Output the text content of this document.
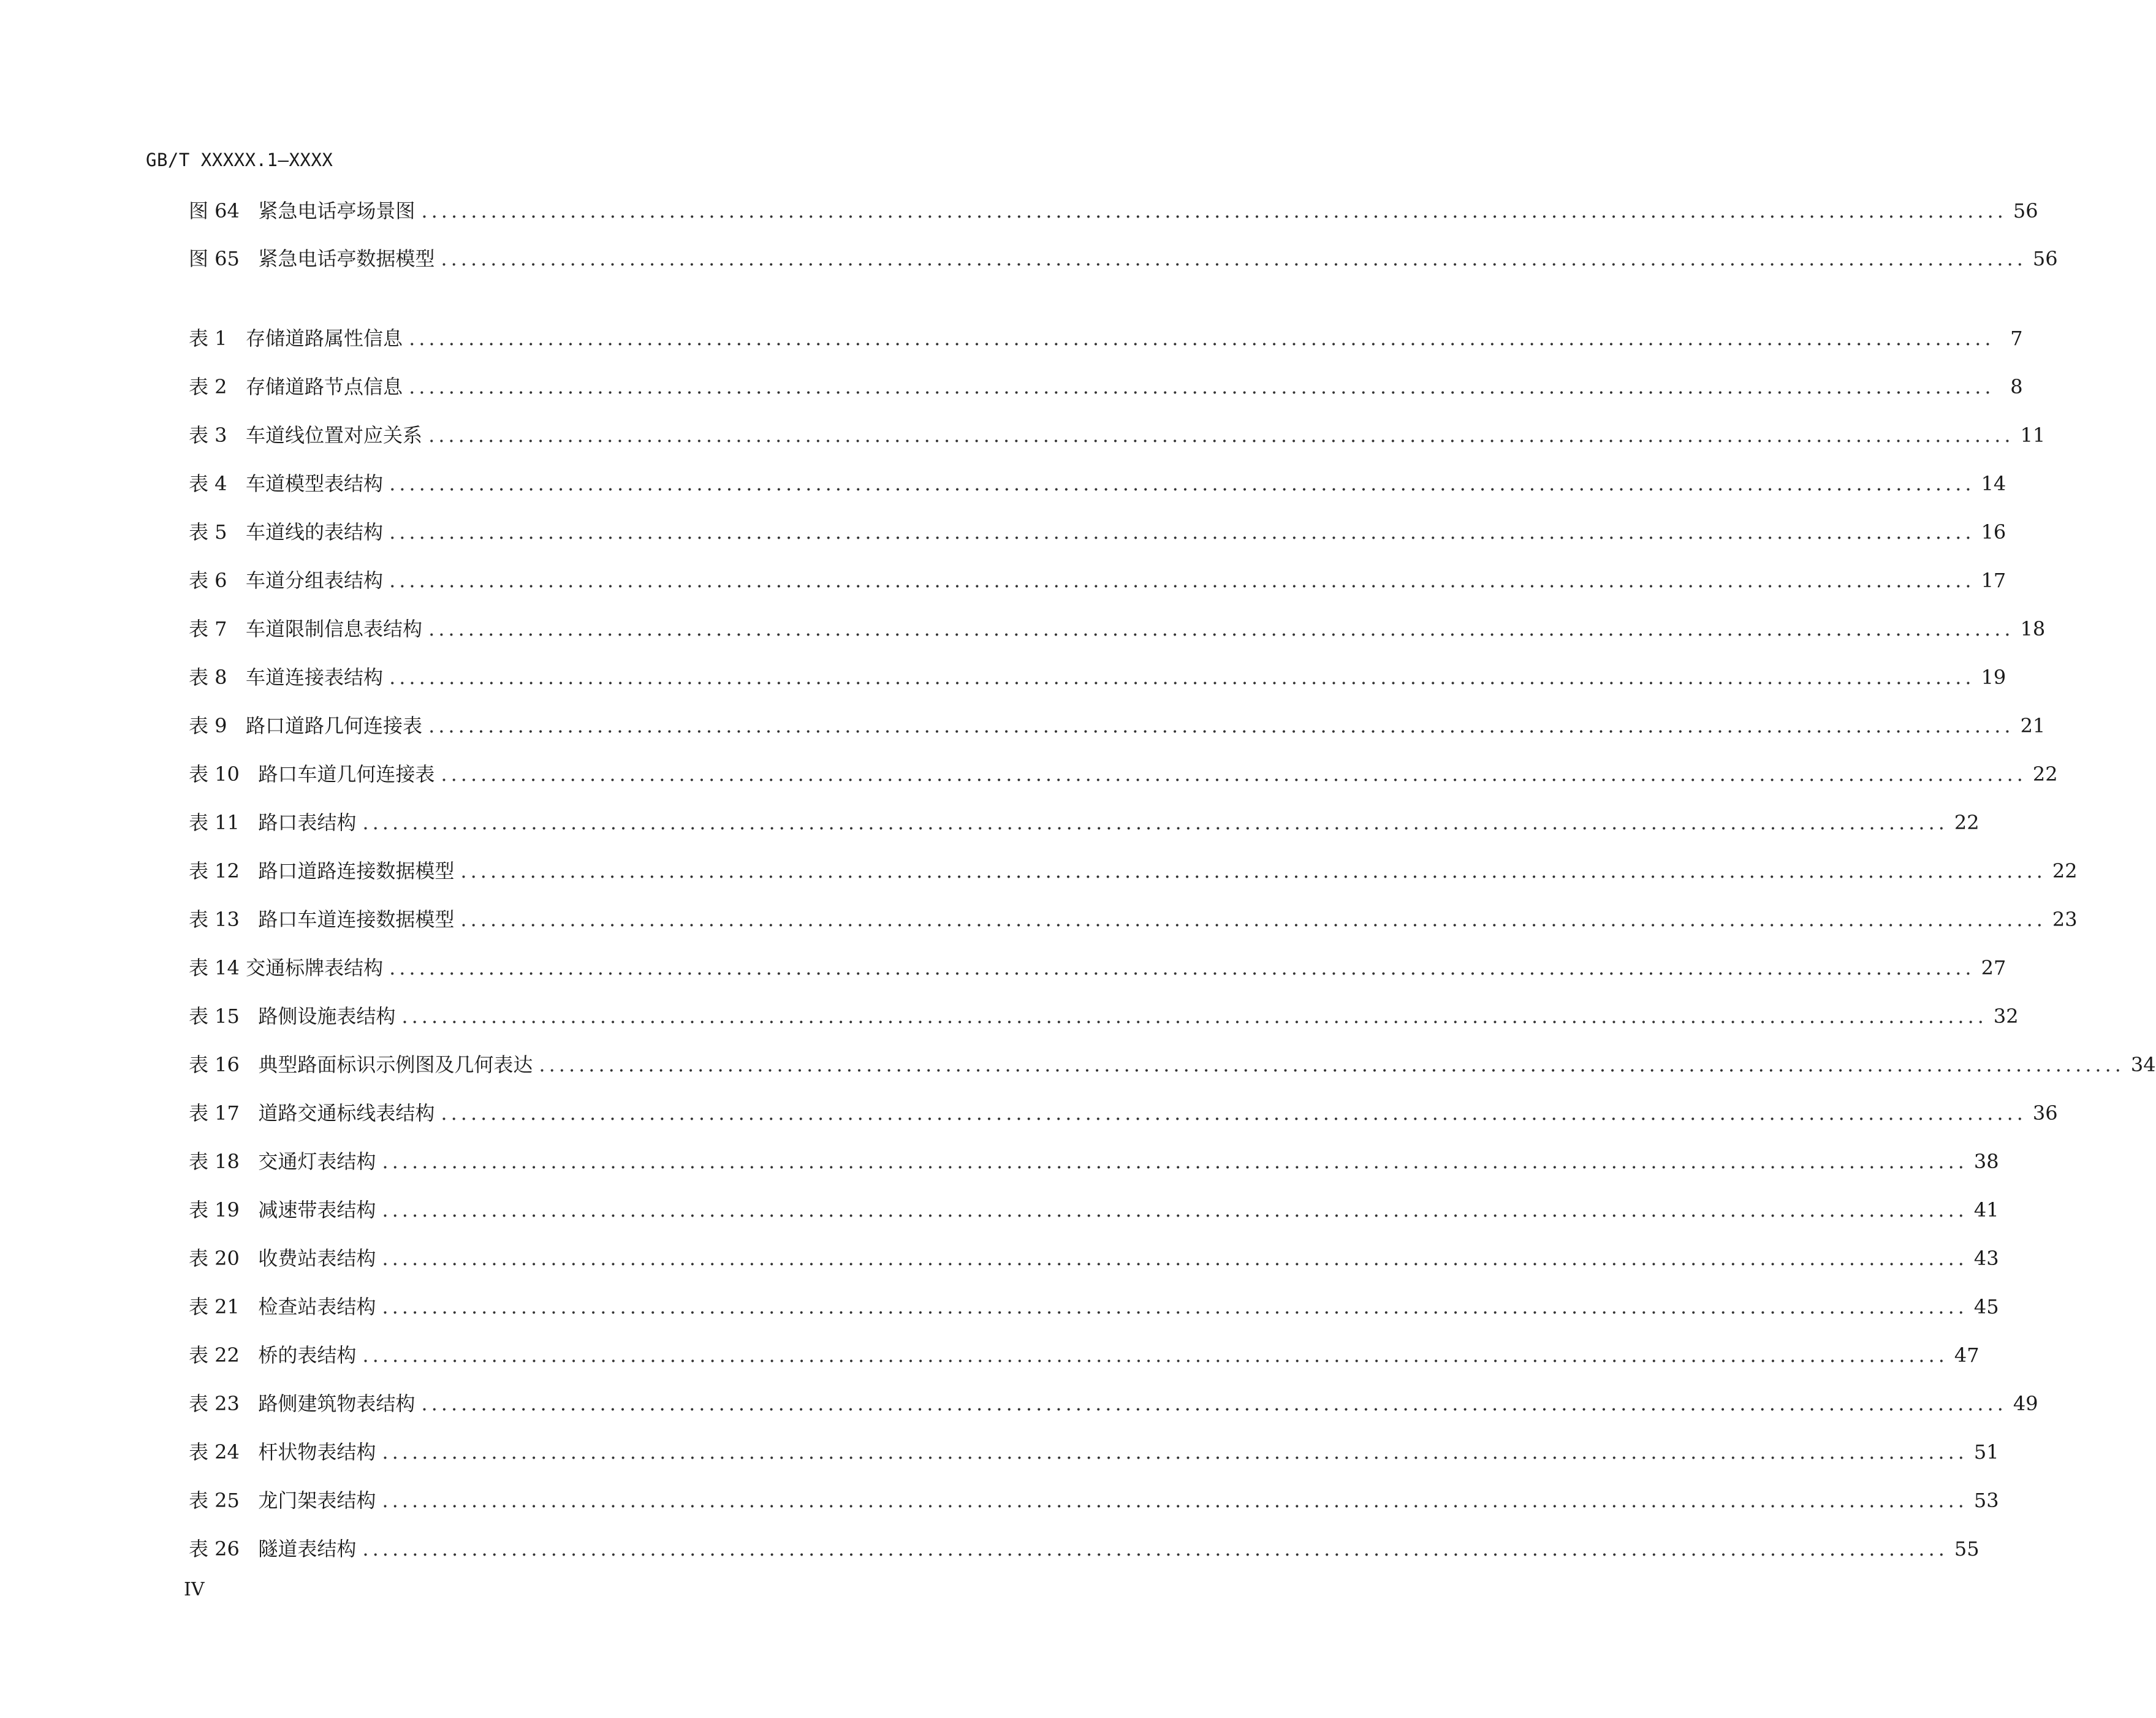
GB/T XXXXX.1—XXXX
图 64   紧急电话亭场景图 ................................................................................................................................................................ 56
图 65   紧急电话亭数据模型 ................................................................................................................................................................ 56
表 1   存储道路属性信息 ................................................................................................................................................................ 7
表 2   存储道路节点信息 ................................................................................................................................................................ 8
表 3   车道线位置对应关系 ................................................................................................................................................................ 11
表 4   车道模型表结构 ................................................................................................................................................................ 14
表 5   车道线的表结构 ................................................................................................................................................................ 16
表 6   车道分组表结构 ................................................................................................................................................................ 17
表 7   车道限制信息表结构 ................................................................................................................................................................ 18
表 8   车道连接表结构 ................................................................................................................................................................ 19
表 9   路口道路几何连接表 ................................................................................................................................................................ 21
表 10   路口车道几何连接表 ................................................................................................................................................................ 22
表 11   路口表结构 ................................................................................................................................................................ 22
表 12   路口道路连接数据模型 ................................................................................................................................................................ 22
表 13   路口车道连接数据模型 ................................................................................................................................................................ 23
表 14 交通标牌表结构 ................................................................................................................................................................ 27
表 15   路侧设施表结构 ................................................................................................................................................................ 32
表 16   典型路面标识示例图及几何表达 ................................................................................................................................................................ 34
表 17   道路交通标线表结构 ................................................................................................................................................................ 36
表 18   交通灯表结构 ................................................................................................................................................................ 38
表 19   减速带表结构 ................................................................................................................................................................ 41
表 20   收费站表结构 ................................................................................................................................................................ 43
表 21   检查站表结构 ................................................................................................................................................................ 45
表 22   桥的表结构 ................................................................................................................................................................ 47
表 23   路侧建筑物表结构 ................................................................................................................................................................ 49
表 24   杆状物表结构 ................................................................................................................................................................ 51
表 25   龙门架表结构 ................................................................................................................................................................ 53
表 26   隧道表结构 ................................................................................................................................................................ 55
IV
